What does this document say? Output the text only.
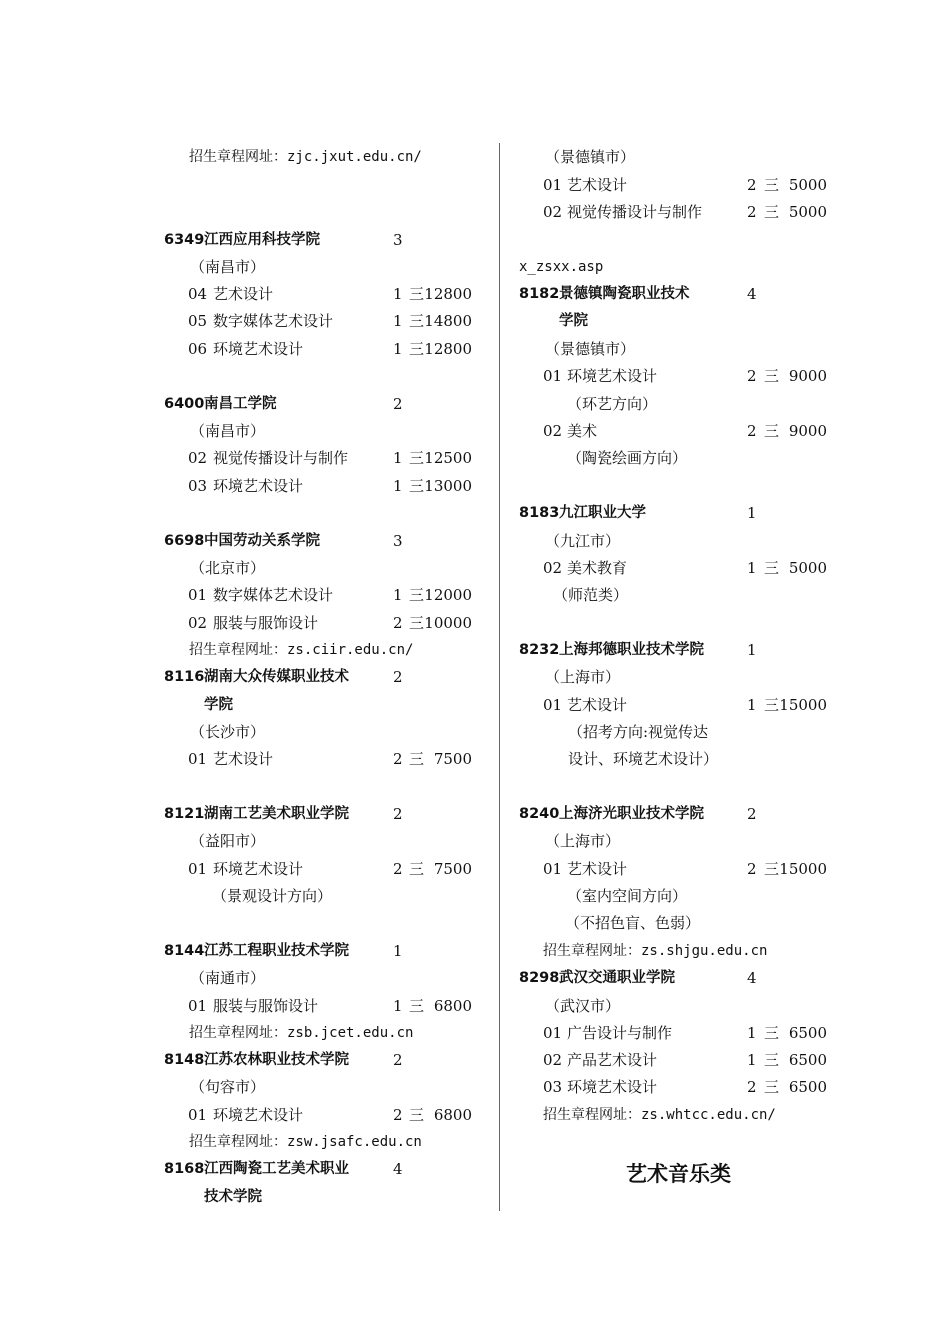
招生章程网址：zjc.jxut.edu.cn/
6349 江西应用科技学院	3
（南昌市）
04 艺术设计	1 三 12800
05 数字媒体艺术设计	1 三 14800
06 环境艺术设计	1 三 12800
6400 南昌工学院	2
（南昌市）
02 视觉传播设计与制作	1 三 12500
03 环境艺术设计	1 三 13000
6698 中国劳动关系学院	3
（北京市）
01 数字媒体艺术设计	1 三 12000
02 服装与服饰设计	2 三 10000
招生章程网址：zs.ciir.edu.cn/
8116 湖南大众传媒职业技术	2
学院
（长沙市）
01 艺术设计	2 三 7500
8121 湖南工艺美术职业学院	2
（益阳市）
01 环境艺术设计	2 三 7500
（景观设计方向）
8144 江苏工程职业技术学院	1
（南通市）
01 服装与服饰设计	1 三 6800
招生章程网址：zsb.jcet.edu.cn
8148 江苏农林职业技术学院	2
（句容市）
01 环境艺术设计	2 三 6800
招生章程网址：zsw.jsafc.edu.cn
8168 江西陶瓷工艺美术职业	4
技术学院
（景德镇市）
01 艺术设计	2 三 5000
02 视觉传播设计与制作	2 三 5000
x_zsxx.asp
8182 景德镇陶瓷职业技术	4
学院
（景德镇市）
01 环境艺术设计	2 三 9000
（环艺方向）
02 美术	2 三 9000
（陶瓷绘画方向）
8183 九江职业大学	1
（九江市）
02 美术教育	1 三 5000
（师范类）
8232 上海邦德职业技术学院	1
（上海市）
01 艺术设计	1 三 15000
（招考方向:视觉传达
设计、环境艺术设计）
8240 上海济光职业技术学院	2
（上海市）
01 艺术设计	2 三 15000
（室内空间方向）
（不招色盲、色弱）
招生章程网址：zs.shjgu.edu.cn
8298 武汉交通职业学院	4
（武汉市）
01 广告设计与制作	1 三 6500
02 产品艺术设计	1 三 6500
03 环境艺术设计	2 三 6500
招生章程网址：zs.whtcc.edu.cn/
艺术音乐类
